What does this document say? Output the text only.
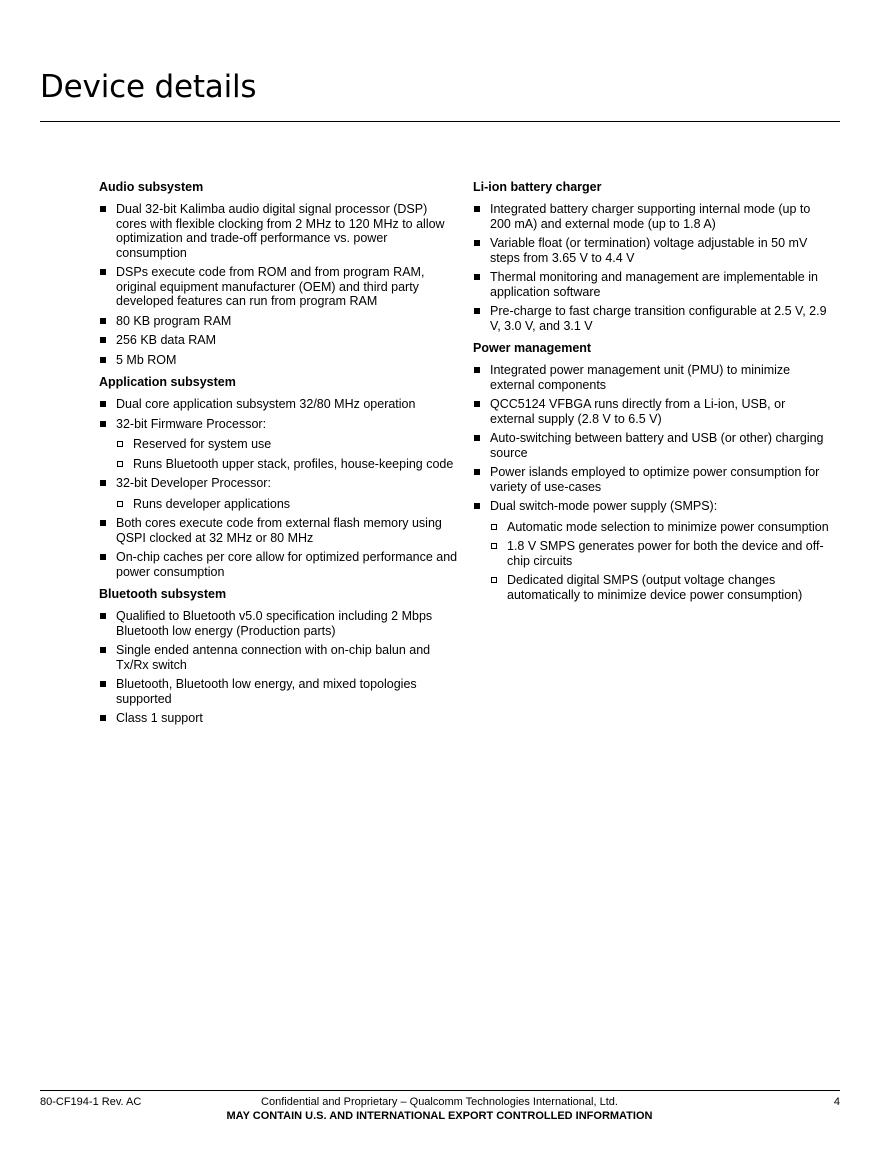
Device details
Audio subsystem
Dual 32-bit Kalimba audio digital signal processor (DSP) cores with flexible clocking from 2 MHz to 120 MHz to allow optimization and trade-off performance vs. power consumption
DSPs execute code from ROM and from program RAM, original equipment manufacturer (OEM) and third party developed features can run from program RAM
80 KB program RAM
256 KB data RAM
5 Mb ROM
Application subsystem
Dual core application subsystem 32/80 MHz operation
32-bit Firmware Processor:
Reserved for system use
Runs Bluetooth upper stack, profiles, house-keeping code
32-bit Developer Processor:
Runs developer applications
Both cores execute code from external flash memory using QSPI clocked at 32 MHz or 80 MHz
On-chip caches per core allow for optimized performance and power consumption
Bluetooth subsystem
Qualified to Bluetooth v5.0 specification including 2 Mbps Bluetooth low energy (Production parts)
Single ended antenna connection with on-chip balun and Tx/Rx switch
Bluetooth, Bluetooth low energy, and mixed topologies supported
Class 1 support
Li-ion battery charger
Integrated battery charger supporting internal mode (up to 200 mA) and external mode (up to 1.8 A)
Variable float (or termination) voltage adjustable in 50 mV steps from 3.65 V to 4.4 V
Thermal monitoring and management are implementable in application software
Pre-charge to fast charge transition configurable at 2.5 V, 2.9 V, 3.0 V, and 3.1 V
Power management
Integrated power management unit (PMU) to minimize external components
QCC5124 VFBGA runs directly from a Li-ion, USB, or external supply (2.8 V to 6.5 V)
Auto-switching between battery and USB (or other) charging source
Power islands employed to optimize power consumption for variety of use-cases
Dual switch-mode power supply (SMPS):
Automatic mode selection to minimize power consumption
1.8 V SMPS generates power for both the device and off-chip circuits
Dedicated digital SMPS (output voltage changes automatically to minimize device power consumption)
80-CF194-1 Rev. AC	Confidential and Proprietary – Qualcomm Technologies International, Ltd.
MAY CONTAIN U.S. AND INTERNATIONAL EXPORT CONTROLLED INFORMATION
4
